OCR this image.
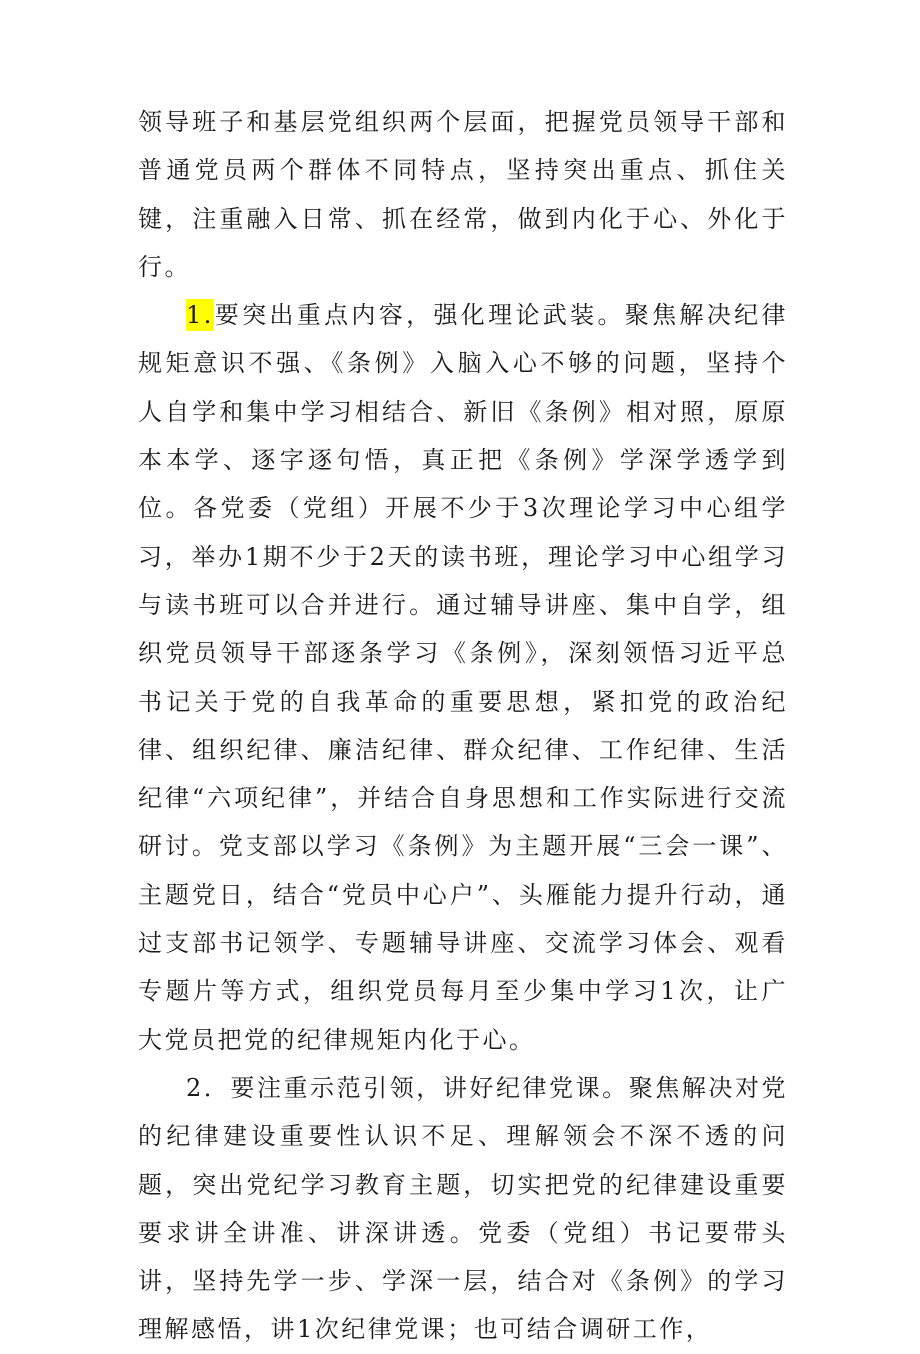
领导班子和基层党组织两个层面，把握党员领导干部和普通党员两个群体不同特点，坚持突出重点、抓住关键，注重融入日常、抓在经常，做到内化于心、外化于行。

1.要突出重点内容，强化理论武装。聚焦解决纪律规矩意识不强、《条例》入脑入心不够的问题，坚持个人自学和集中学习相结合、新旧《条例》相对照，原原本本学、逐字逐句悟，真正把《条例》学深学透学到位。各党委（党组）开展不少于3次理论学习中心组学习，举办1期不少于2天的读书班，理论学习中心组学习与读书班可以合并进行。通过辅导讲座、集中自学，组织党员领导干部逐条学习《条例》，深刻领悟习近平总书记关于党的自我革命的重要思想，紧扣党的政治纪律、组织纪律、廉洁纪律、群众纪律、工作纪律、生活纪律“六项纪律”，并结合自身思想和工作实际进行交流研讨。党支部以学习《条例》为主题开展“三会一课”、主题党日，结合“党员中心户”、头雁能力提升行动，通过支部书记领学、专题辅导讲座、交流学习体会、观看专题片等方式，组织党员每月至少集中学习1次，让广大党员把党的纪律规矩内化于心。

2．要注重示范引领，讲好纪律党课。聚焦解决对党的纪律建设重要性认识不足、理解领会不深不透的问题，突出党纪学习教育主题，切实把党的纪律建设重要要求讲全讲准、讲深讲透。党委（党组）书记要带头讲，坚持先学一步、学深一层，结合对《条例》的学习理解感悟，讲1次纪律党课；也可结合调研工作，
